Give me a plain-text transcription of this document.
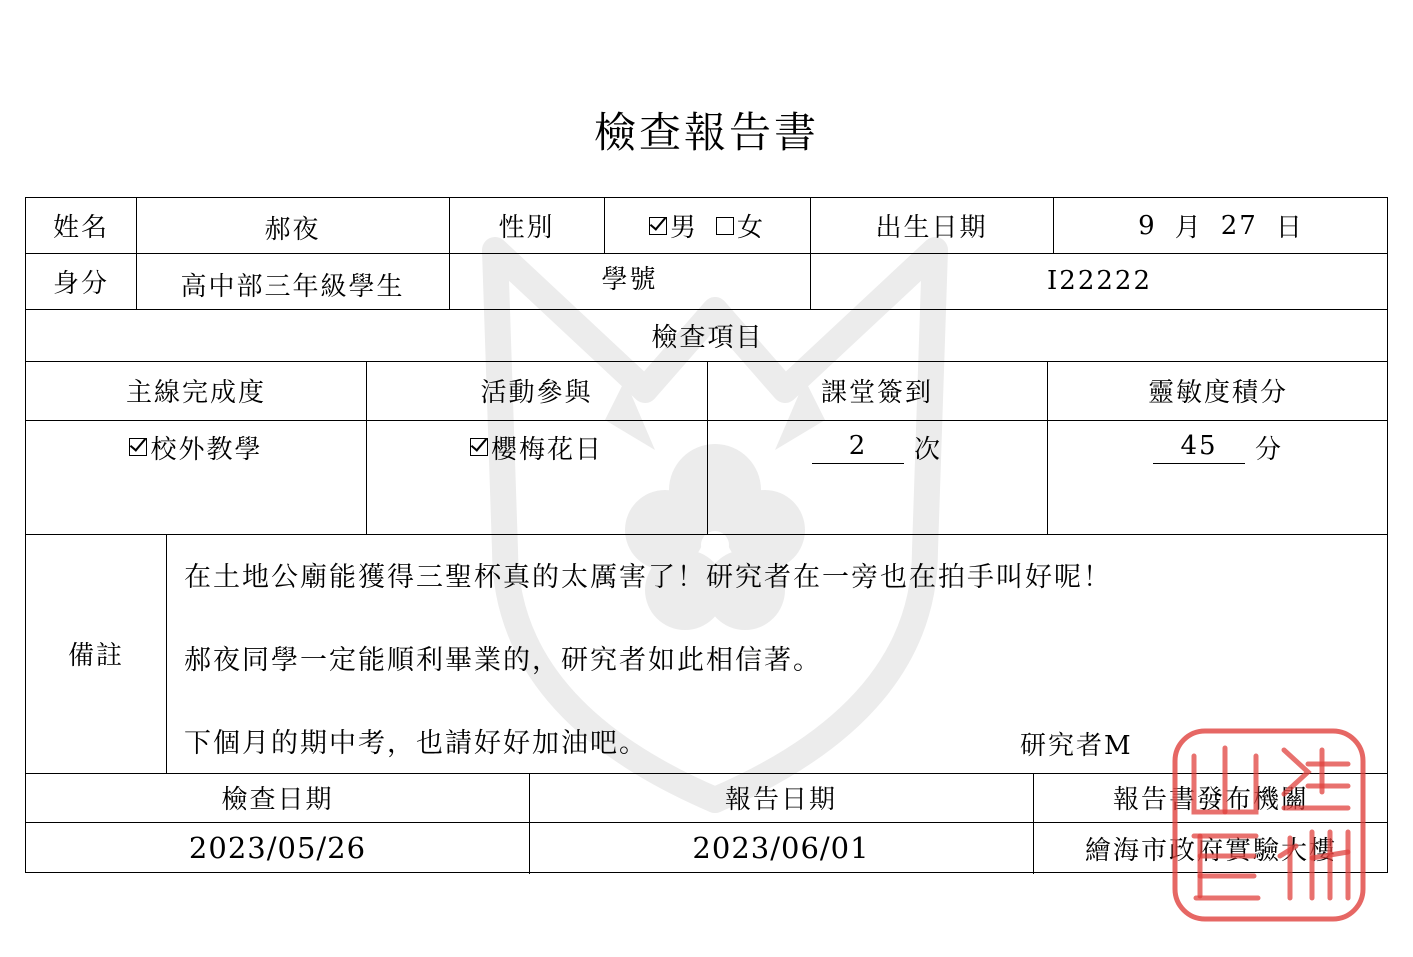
檢查報告書
姓名	郝夜	性別	男 女	出生日期	9 月 27 日
身分	高中部三年級學生	學號	I22222
檢查項目
主線完成度	活動參與	課堂簽到	靈敏度積分
校外教學	櫻梅花日	2	次	45	分
備註
在土地公廟能獲得三聖杯真的太厲害了！研究者在一旁也在拍手叫好呢！
郝夜同學一定能順利畢業的，研究者如此相信著。
下個月的期中考，也請好好加油吧。	研究者M
檢查日期	報告日期	報告書發布機關
2023/05/26	2023/06/01	繪海市政府實驗大樓
